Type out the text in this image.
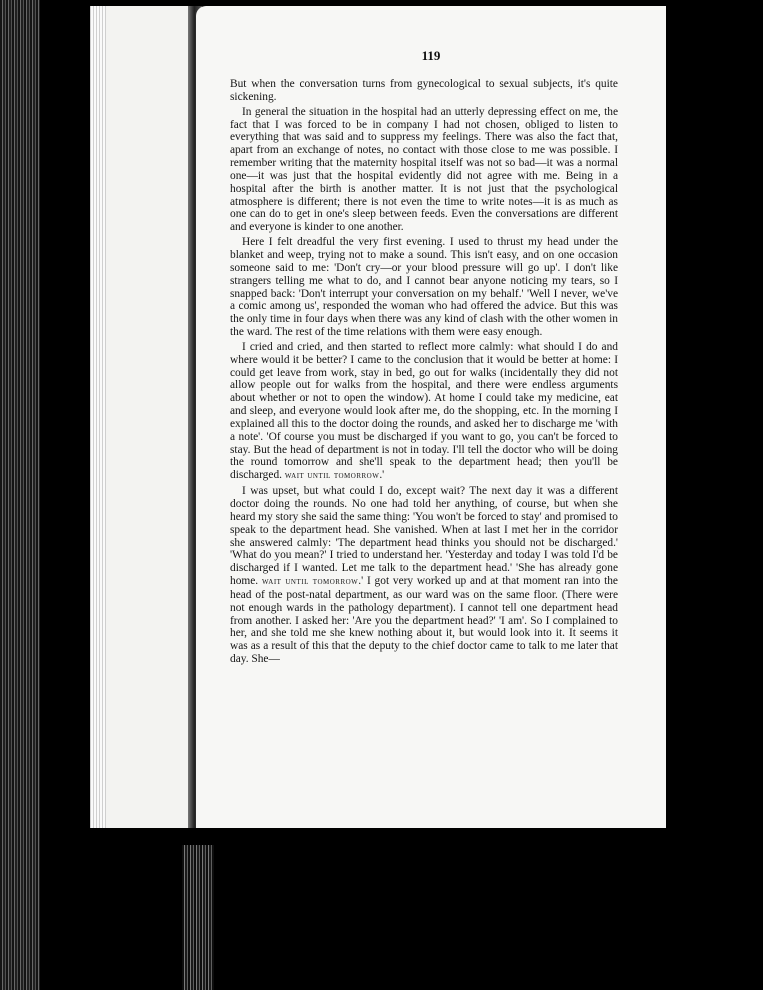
119

But when the conversation turns from gynecological to sexual subjects, it's quite sickening.

In general the situation in the hospital had an utterly depressing effect on me, the fact that I was forced to be in company I had not chosen, obliged to listen to everything that was said and to suppress my feelings. There was also the fact that, apart from an exchange of notes, no contact with those close to me was possible. I remember writing that the maternity hospital itself was not so bad—it was a normal one—it was just that the hospital evidently did not agree with me. Being in a hospital after the birth is another matter. It is not just that the psychological atmosphere is different; there is not even the time to write notes—it is as much as one can do to get in one's sleep between feeds. Even the conversations are different and everyone is kinder to one another.

Here I felt dreadful the very first evening. I used to thrust my head under the blanket and weep, trying not to make a sound. This isn't easy, and on one occasion someone said to me: 'Don't cry—or your blood pressure will go up'. I don't like strangers telling me what to do, and I cannot bear anyone noticing my tears, so I snapped back: 'Don't interrupt your conversation on my behalf.' 'Well I never, we've a comic among us', responded the woman who had offered the advice. But this was the only time in four days when there was any kind of clash with the other women in the ward. The rest of the time relations with them were easy enough.

I cried and cried, and then started to reflect more calmly: what should I do and where would it be better? I came to the conclusion that it would be better at home: I could get leave from work, stay in bed, go out for walks (incidentally they did not allow people out for walks from the hospital, and there were endless arguments about whether or not to open the window). At home I could take my medicine, eat and sleep, and everyone would look after me, do the shopping, etc. In the morning I explained all this to the doctor doing the rounds, and asked her to discharge me 'with a note'. 'Of course you must be discharged if you want to go, you can't be forced to stay. But the head of department is not in today. I'll tell the doctor who will be doing the round tomorrow and she'll speak to the department head; then you'll be discharged. wait until tomorrow.'

I was upset, but what could I do, except wait? The next day it was a different doctor doing the rounds. No one had told her anything, of course, but when she heard my story she said the same thing: 'You won't be forced to stay' and promised to speak to the department head. She vanished. When at last I met her in the corridor she answered calmly: 'The department head thinks you should not be discharged.' 'What do you mean?' I tried to understand her. 'Yesterday and today I was told I'd be discharged if I wanted. Let me talk to the department head.' 'She has already gone home. wait until tomorrow.' I got very worked up and at that moment ran into the head of the post-natal department, as our ward was on the same floor. (There were not enough wards in the pathology department). I cannot tell one department head from another. I asked her: 'Are you the department head?' 'I am'. So I complained to her, and she told me she knew nothing about it, but would look into it. It seems it was as a result of this that the deputy to the chief doctor came to talk to me later that day. She—
